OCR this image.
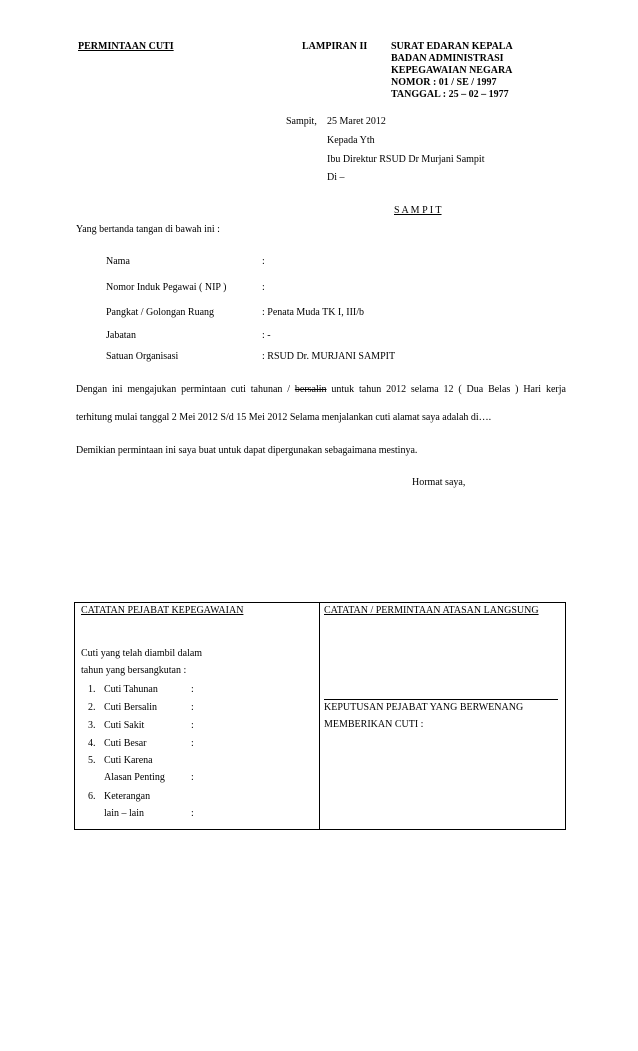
PERMINTAAN CUTI	LAMPIRAN II SURAT EDARAN KEPALA
BADAN ADMINISTRASI
KEPEGAWAIAN NEGARA
NOMOR : 01 / SE / 1997
TANGGAL : 25 – 02 – 1977
Sampit, 25 Maret 2012
Kepada Yth
Ibu Direktur RSUD Dr Murjani Sampit
Di –
S A M P I T
Yang bertanda tangan di bawah ini :
Nama	:
Nomor Induk Pegawai ( NIP )	:
Pangkat / Golongan Ruang	: Penata Muda TK I, III/b
Jabatan	: -
Satuan Organisasi	: RSUD Dr. MURJANI SAMPIT
Dengan ini mengajukan permintaan cuti tahunan / bersalin untuk tahun 2012 selama 12 ( Dua Belas ) Hari kerja
terhitung mulai tanggal 2 Mei 2012 S/d 15 Mei 2012 Selama menjalankan cuti alamat saya adalah di….
Demikian permintaan ini saya buat untuk dapat dipergunakan sebagaimana mestinya.
Hormat saya,
CATATAN PEJABAT KEPEGAWAIAN	CATATAN / PERMINTAAN ATASAN LANGSUNG
Cuti yang telah diambil dalam
tahun yang bersangkutan :
1. Cuti Tahunan	:
2. Cuti Bersalin	:
3. Cuti Sakit	:
4. Cuti Besar	:
5. Cuti Karena
Alasan Penting	:
6. Keterangan
lain – lain	:
KEPUTUSAN PEJABAT YANG BERWENANG
MEMBERIKAN CUTI :
